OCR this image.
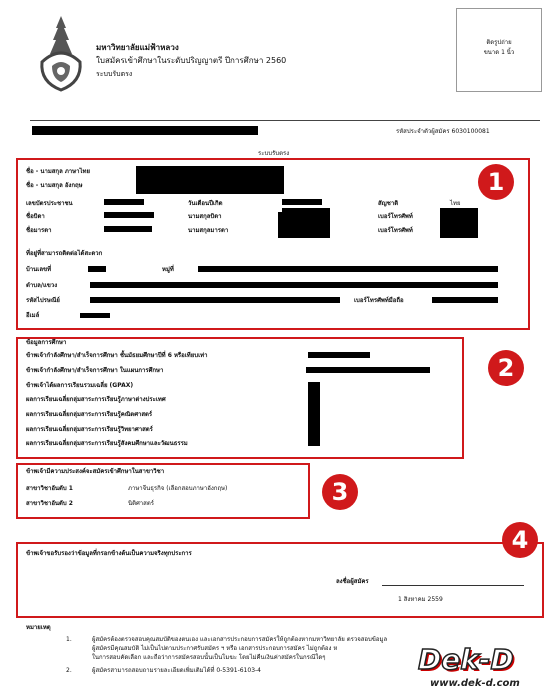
มหาวิทยาลัยแม่ฟ้าหลวง
ใบสมัครเข้าศึกษาในระดับปริญญาตรี ปีการศึกษา 2560
ระบบรับตรง
ติดรูปถ่าย
ขนาด 1 นิ้ว
รหัสประจำตัวผู้สมัคร 6030100081
ระบบรับตรง
1
ชื่อ - นามสกุล ภาษาไทย
ชื่อ - นามสกุล อังกฤษ
เลขบัตรประชาชน	วันเดือนปีเกิด	สัญชาติ	ไทย
ชื่อบิดา	นามสกุลบิดา	เบอร์โทรศัพท์
ชื่อมารดา	นามสกุลมารดา	เบอร์โทรศัพท์
ที่อยู่ที่สามารถติดต่อได้สะดวก
บ้านเลขที่	หมู่ที่
ตำบล/แขวง
รหัสไปรษณีย์	เบอร์โทรศัพท์มือถือ
อีเมล์
2
ข้อมูลการศึกษา
ข้าพเจ้ากำลังศึกษา/สำเร็จการศึกษา ชั้นมัธยมศึกษาปีที่ 6 หรือเทียบเท่า
ข้าพเจ้ากำลังศึกษา/สำเร็จการศึกษา ในแผนการศึกษา
ข้าพเจ้าได้ผลการเรียนรวมเฉลี่ย (GPAX)
ผลการเรียนเฉลี่ยกลุ่มสาระการเรียนรู้ภาษาต่างประเทศ
ผลการเรียนเฉลี่ยกลุ่มสาระการเรียนรู้คณิตศาสตร์
ผลการเรียนเฉลี่ยกลุ่มสาระการเรียนรู้วิทยาศาสตร์
ผลการเรียนเฉลี่ยกลุ่มสาระการเรียนรู้สังคมศึกษาและวัฒนธรรม
3
ข้าพเจ้ามีความประสงค์จะสมัครเข้าศึกษาในสาขาวิชา
สาขาวิชาอันดับ 1	ภาษาจีนธุรกิจ (เลือกสอบภาษาอังกฤษ)
สาขาวิชาอันดับ 2	นิติศาสตร์
4
ข้าพเจ้าขอรับรองว่าข้อมูลที่กรอกข้างต้นเป็นความจริงทุกประการ
ลงชื่อผู้สมัคร
1 สิงหาคม 2559
หมายเหตุ
1.	ผู้สมัครต้องตรวจสอบคุณสมบัติของตนเอง และเอกสารประกอบการสมัครให้ถูกต้องหากมหาวิทยาลัย ตรวจสอบข้อมูล
ผู้สมัครมีคุณสมบัติ ไม่เป็นไปตามประกาศรับสมัคร ฯ หรือ เอกสารประกอบการสมัคร ไม่ถูกต้อง ห
ในการสอบคัดเลือก และถือว่าการสมัครสอบนั้นเป็นโมฆะ โดยไม่คืนเงินค่าสมัครในกรณีใดๆ
2.	ผู้สมัครสามารถสอบถามรายละเอียดเพิ่มเติมได้ที่ 0-5391-6103-4	Dek-D
www.dek-d.com
